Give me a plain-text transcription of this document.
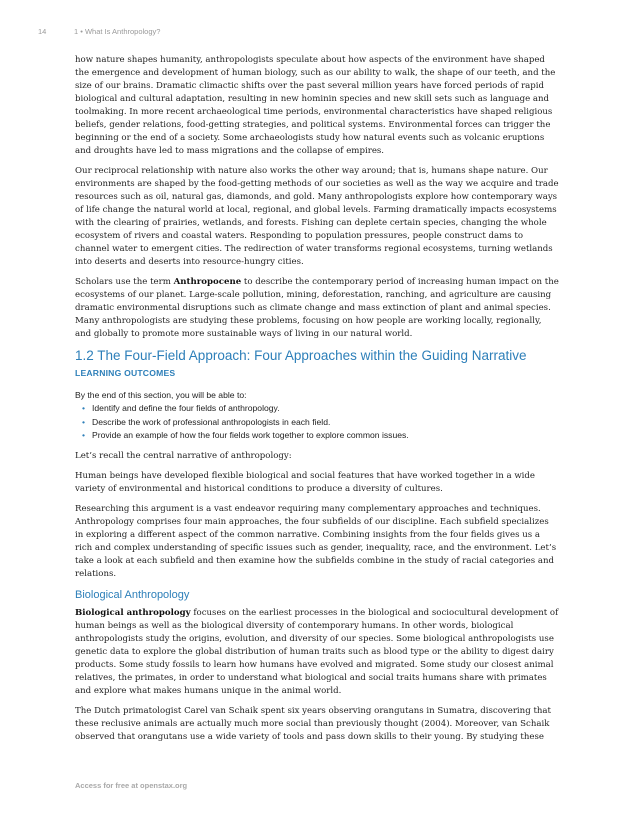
14	1 • What Is Anthropology?

how nature shapes humanity, anthropologists speculate about how aspects of the environment have shaped the emergence and development of human biology, such as our ability to walk, the shape of our teeth, and the size of our brains. Dramatic climactic shifts over the past several million years have forced periods of rapid biological and cultural adaptation, resulting in new hominin species and new skill sets such as language and toolmaking. In more recent archaeological time periods, environmental characteristics have shaped religious beliefs, gender relations, food-getting strategies, and political systems. Environmental forces can trigger the beginning or the end of a society. Some archaeologists study how natural events such as volcanic eruptions and droughts have led to mass migrations and the collapse of empires.

Our reciprocal relationship with nature also works the other way around; that is, humans shape nature. Our environments are shaped by the food-getting methods of our societies as well as the way we acquire and trade resources such as oil, natural gas, diamonds, and gold. Many anthropologists explore how contemporary ways of life change the natural world at local, regional, and global levels. Farming dramatically impacts ecosystems with the clearing of prairies, wetlands, and forests. Fishing can deplete certain species, changing the whole ecosystem of rivers and coastal waters. Responding to population pressures, people construct dams to channel water to emergent cities. The redirection of water transforms regional ecosystems, turning wetlands into deserts and deserts into resource-hungry cities.

Scholars use the term Anthropocene to describe the contemporary period of increasing human impact on the ecosystems of our planet. Large-scale pollution, mining, deforestation, ranching, and agriculture are causing dramatic environmental disruptions such as climate change and mass extinction of plant and animal species. Many anthropologists are studying these problems, focusing on how people are working locally, regionally, and globally to promote more sustainable ways of living in our natural world.

1.2 The Four-Field Approach: Four Approaches within the Guiding Narrative
LEARNING OUTCOMES
By the end of this section, you will be able to:
• Identify and define the four fields of anthropology.
• Describe the work of professional anthropologists in each field.
• Provide an example of how the four fields work together to explore common issues.

Let’s recall the central narrative of anthropology:

Human beings have developed flexible biological and social features that have worked together in a wide variety of environmental and historical conditions to produce a diversity of cultures.

Researching this argument is a vast endeavor requiring many complementary approaches and techniques. Anthropology comprises four main approaches, the four subfields of our discipline. Each subfield specializes in exploring a different aspect of the common narrative. Combining insights from the four fields gives us a rich and complex understanding of specific issues such as gender, inequality, race, and the environment. Let’s take a look at each subfield and then examine how the subfields combine in the study of racial categories and relations.

Biological Anthropology

Biological anthropology focuses on the earliest processes in the biological and sociocultural development of human beings as well as the biological diversity of contemporary humans. In other words, biological anthropologists study the origins, evolution, and diversity of our species. Some biological anthropologists use genetic data to explore the global distribution of human traits such as blood type or the ability to digest dairy products. Some study fossils to learn how humans have evolved and migrated. Some study our closest animal relatives, the primates, in order to understand what biological and social traits humans share with primates and explore what makes humans unique in the animal world.

The Dutch primatologist Carel van Schaik spent six years observing orangutans in Sumatra, discovering that these reclusive animals are actually much more social than previously thought (2004). Moreover, van Schaik observed that orangutans use a wide variety of tools and pass down skills to their young. By studying these

Access for free at openstax.org
